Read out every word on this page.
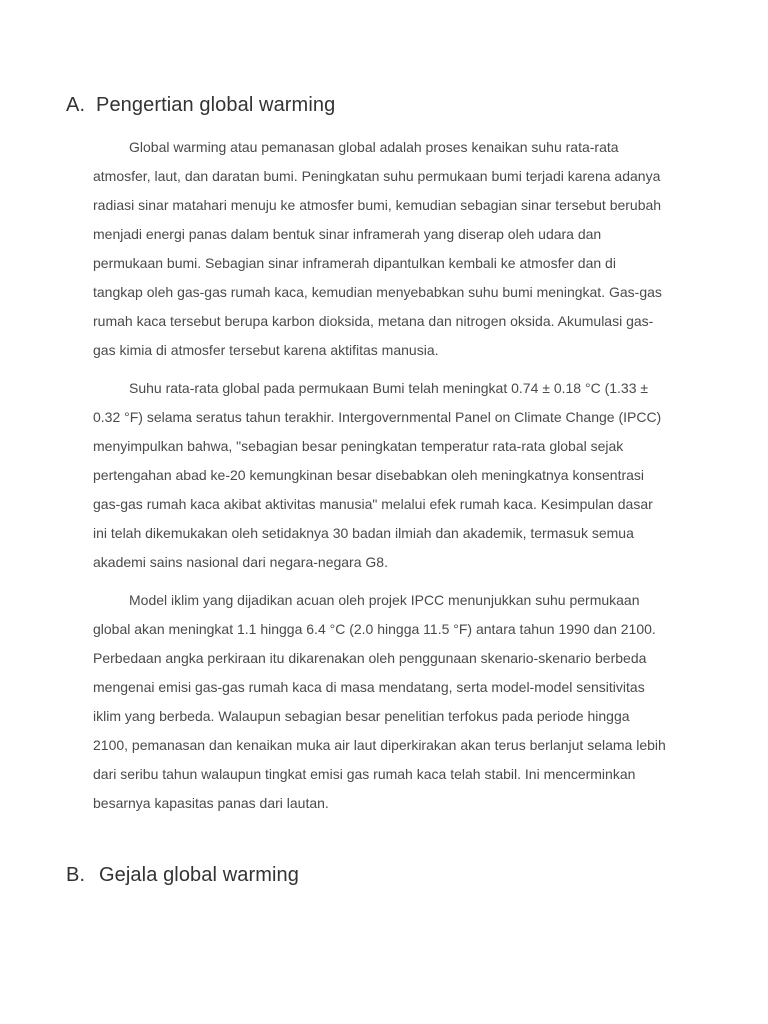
A. Pengertian global warming

Global warming atau pemanasan global adalah proses kenaikan suhu rata-rata

atmosfer, laut, dan daratan bumi. Peningkatan suhu permukaan bumi terjadi karena adanya

radiasi sinar matahari menuju ke atmosfer bumi, kemudian sebagian sinar tersebut berubah

menjadi energi panas dalam bentuk sinar inframerah yang diserap oleh udara dan

permukaan bumi. Sebagian sinar inframerah dipantulkan kembali ke atmosfer dan di

tangkap oleh gas-gas rumah kaca, kemudian menyebabkan suhu bumi meningkat. Gas-gas

rumah kaca tersebut berupa karbon dioksida, metana dan nitrogen oksida. Akumulasi gas-

gas kimia di atmosfer tersebut karena aktifitas manusia.

Suhu rata-rata global pada permukaan Bumi telah meningkat 0.74 ± 0.18 °C (1.33 ±

0.32 °F) selama seratus tahun terakhir. Intergovernmental Panel on Climate Change (IPCC)

menyimpulkan bahwa, "sebagian besar peningkatan temperatur rata-rata global sejak

pertengahan abad ke-20 kemungkinan besar disebabkan oleh meningkatnya konsentrasi

gas-gas rumah kaca akibat aktivitas manusia" melalui efek rumah kaca. Kesimpulan dasar

ini telah dikemukakan oleh setidaknya 30 badan ilmiah dan akademik, termasuk semua

akademi sains nasional dari negara-negara G8.

Model iklim yang dijadikan acuan oleh projek IPCC menunjukkan suhu permukaan

global akan meningkat 1.1 hingga 6.4 °C (2.0 hingga 11.5 °F) antara tahun 1990 dan 2100.

Perbedaan angka perkiraan itu dikarenakan oleh penggunaan skenario-skenario berbeda

mengenai emisi gas-gas rumah kaca di masa mendatang, serta model-model sensitivitas

iklim yang berbeda. Walaupun sebagian besar penelitian terfokus pada periode hingga

2100, pemanasan dan kenaikan muka air laut diperkirakan akan terus berlanjut selama lebih

dari seribu tahun walaupun tingkat emisi gas rumah kaca telah stabil. Ini mencerminkan

besarnya kapasitas panas dari lautan.

B. Gejala global warming
